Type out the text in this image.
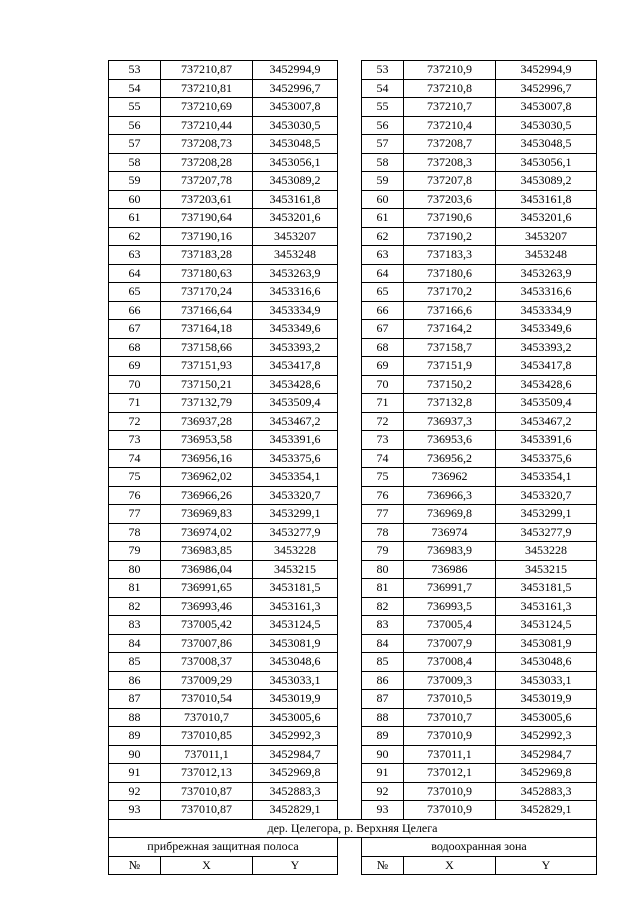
53	737210,87	3452994,9		53	737210,9	3452994,9
54	737210,81	3452996,7		54	737210,8	3452996,7
55	737210,69	3453007,8		55	737210,7	3453007,8
56	737210,44	3453030,5		56	737210,4	3453030,5
57	737208,73	3453048,5		57	737208,7	3453048,5
58	737208,28	3453056,1		58	737208,3	3453056,1
59	737207,78	3453089,2		59	737207,8	3453089,2
60	737203,61	3453161,8		60	737203,6	3453161,8
61	737190,64	3453201,6		61	737190,6	3453201,6
62	737190,16	3453207		62	737190,2	3453207
63	737183,28	3453248		63	737183,3	3453248
64	737180,63	3453263,9		64	737180,6	3453263,9
65	737170,24	3453316,6		65	737170,2	3453316,6
66	737166,64	3453334,9		66	737166,6	3453334,9
67	737164,18	3453349,6		67	737164,2	3453349,6
68	737158,66	3453393,2		68	737158,7	3453393,2
69	737151,93	3453417,8		69	737151,9	3453417,8
70	737150,21	3453428,6		70	737150,2	3453428,6
71	737132,79	3453509,4		71	737132,8	3453509,4
72	736937,28	3453467,2		72	736937,3	3453467,2
73	736953,58	3453391,6		73	736953,6	3453391,6
74	736956,16	3453375,6		74	736956,2	3453375,6
75	736962,02	3453354,1		75	736962	3453354,1
76	736966,26	3453320,7		76	736966,3	3453320,7
77	736969,83	3453299,1		77	736969,8	3453299,1
78	736974,02	3453277,9		78	736974	3453277,9
79	736983,85	3453228		79	736983,9	3453228
80	736986,04	3453215		80	736986	3453215
81	736991,65	3453181,5		81	736991,7	3453181,5
82	736993,46	3453161,3		82	736993,5	3453161,3
83	737005,42	3453124,5		83	737005,4	3453124,5
84	737007,86	3453081,9		84	737007,9	3453081,9
85	737008,37	3453048,6		85	737008,4	3453048,6
86	737009,29	3453033,1		86	737009,3	3453033,1
87	737010,54	3453019,9		87	737010,5	3453019,9
88	737010,7	3453005,6		88	737010,7	3453005,6
89	737010,85	3452992,3		89	737010,9	3452992,3
90	737011,1	3452984,7		90	737011,1	3452984,7
91	737012,13	3452969,8		91	737012,1	3452969,8
92	737010,87	3452883,3		92	737010,9	3452883,3
93	737010,87	3452829,1		93	737010,9	3452829,1
дер. Целегора, р. Верхняя Целега						
прибрежная защитная полоса				водоохранная зона		
№	X	Y		№	X	Y
